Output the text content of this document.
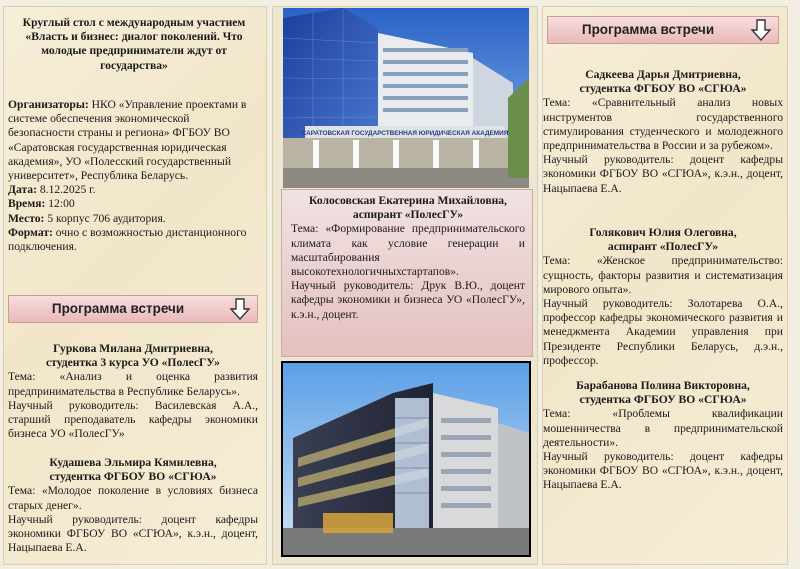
Круглый стол с международным участием
«Власть и бизнес: диалог поколений. Что молодые предприниматели ждут от государства»
Организаторы: НКО «Управление проектами в системе обеспечения экономической безопасности страны и региона» ФГБОУ ВО «Саратовская государственная юридическая академия», УО «Полесский государственный университет», Республика Беларусь.
Дата: 8.12.2025 г.
Время: 12:00
Место: 5 корпус 706 аудитория.
Формат: очно с возможностью дистанционного подключения.
Программа встречи
Гуркова Милана Дмитриевна,
студентка 3 курса УО «ПолесГУ»
Тема: «Анализ и оценка развития предпринимательства в Республике Беларусь».
Научный руководитель: Василевская А.А., старший преподаватель кафедры экономики бизнеса УО «ПолесГУ»
Кудашева Эльмира Кямилевна,
студентка ФГБОУ ВО «СГЮА»
Тема: «Молодое поколение в условиях бизнеса старых денег».
Научный руководитель: доцент кафедры экономики ФГБОУ ВО «СГЮА», к.э.н., доцент, Нацыпаева Е.А.
САРАТОВСКАЯ ГОСУДАРСТВЕННАЯ ЮРИДИЧЕСКАЯ АКАДЕМИЯ
Колосовская Екатерина Михайловна,
аспирант «ПолесГУ»
Тема: «Формирование предпринимательского климата как условие генерации и масштабирования высокотехнологичныхстартапов».
Научный руководитель: Друк В.Ю., доцент кафедры экономики и бизнеса УО «ПолесГУ», к.э.н., доцент.
Программа встречи
Садкеева Дарья Дмитриевна,
студентка ФГБОУ ВО «СГЮА»
Тема: «Сравнительный анализ новых инструментов государственного стимулирования студенческого и молодежного предпринимательства в России и за рубежом».
Научный руководитель: доцент кафедры экономики ФГБОУ ВО «СГЮА», к.э.н., доцент, Нацыпаева Е.А.
Голякович Юлия Олеговна,
аспирант «ПолесГУ»
Тема: «Женское предпринимательство: сущность, факторы развития и систематизация мирового опыта».
Научный руководитель: Золотарева О.А., профессор кафедры экономического развития и менеджмента Академии управления при Президенте Республики Беларусь, д.э.н., профессор.
Барабанова Полина Викторовна,
студентка ФГБОУ ВО «СГЮА»
Тема: «Проблемы квалификации мошенничества в предпринимательской деятельности».
Научный руководитель: доцент кафедры экономики ФГБОУ ВО «СГЮА», к.э.н., доцент, Нацыпаева Е.А.
